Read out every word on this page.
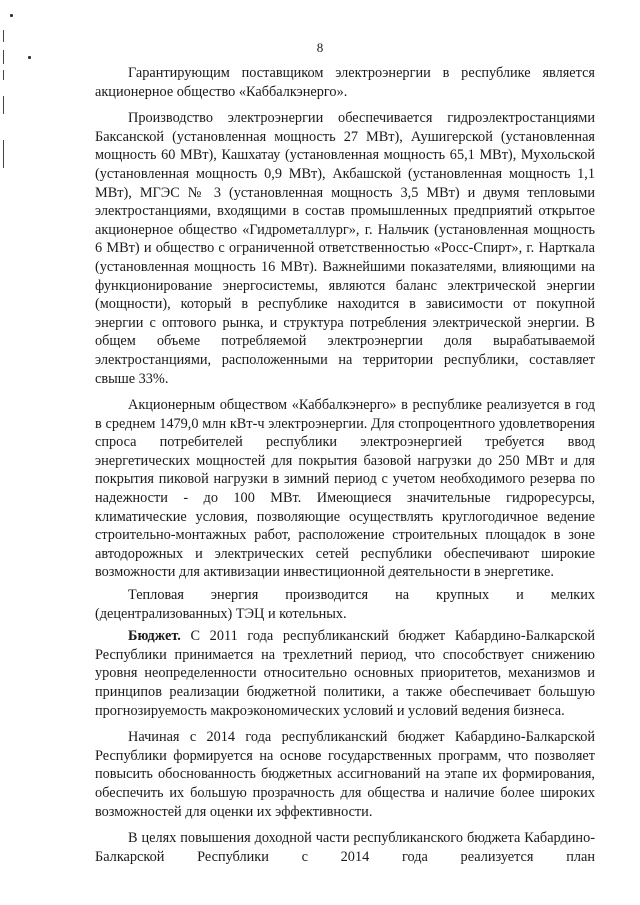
8

Гарантирующим поставщиком электроэнергии в республике является акционерное общество «Каббалкэнерго».

Производство электроэнергии обеспечивается гидроэлектростанциями Баксанской (установленная мощность 27 МВт), Аушигерской (установленная мощность 60 МВт), Кашхатау (установленная мощность 65,1 МВт), Мухольской (установленная мощность 0,9 МВт), Акбашской (установленная мощность 1,1 МВт), МГЭС № 3 (установленная мощность 3,5 МВт) и двумя тепловыми электростанциями, входящими в состав промышленных предприятий открытое акционерное общество «Гидрометаллург», г. Нальчик (установленная мощность 6 МВт) и общество с ограниченной ответственностью «Росс-Спирт», г. Нарткала (установленная мощность 16 МВт). Важнейшими показателями, влияющими на функционирование энергосистемы, являются баланс электрической энергии (мощности), который в республике находится в зависимости от покупной энергии с оптового рынка, и структура потребления электрической энергии. В общем объеме потребляемой электроэнергии доля вырабатываемой электростанциями, расположенными на территории республики, составляет свыше 33%.

Акционерным обществом «Каббалкэнерго» в республике реализуется в год в среднем 1479,0 млн кВт-ч электроэнергии. Для стопроцентного удовлетворения спроса потребителей республики электроэнергией требуется ввод энергетических мощностей для покрытия базовой нагрузки до 250 МВт и для покрытия пиковой нагрузки в зимний период с учетом необходимого резерва по надежности - до 100 МВт. Имеющиеся значительные гидроресурсы, климатические условия, позволяющие осуществлять круглогодичное ведение строительно-монтажных работ, расположение строительных площадок в зоне автодорожных и электрических сетей республики обеспечивают широкие возможности для активизации инвестиционной деятельности в энергетике.

Тепловая энергия производится на крупных и мелких (децентрализованных) ТЭЦ и котельных.

Бюджет. С 2011 года республиканский бюджет Кабардино-Балкарской Республики принимается на трехлетний период, что способствует снижению уровня неопределенности относительно основных приоритетов, механизмов и принципов реализации бюджетной политики, а также обеспечивает большую прогнозируемость макроэкономических условий и условий ведения бизнеса.

Начиная с 2014 года республиканский бюджет Кабардино-Балкарской Республики формируется на основе государственных программ, что позволяет повысить обоснованность бюджетных ассигнований на этапе их формирования, обеспечить их большую прозрачность для общества и наличие более широких возможностей для оценки их эффективности.

В целях повышения доходной части республиканского бюджета Кабардино-Балкарской Республики с 2014 года реализуется план
